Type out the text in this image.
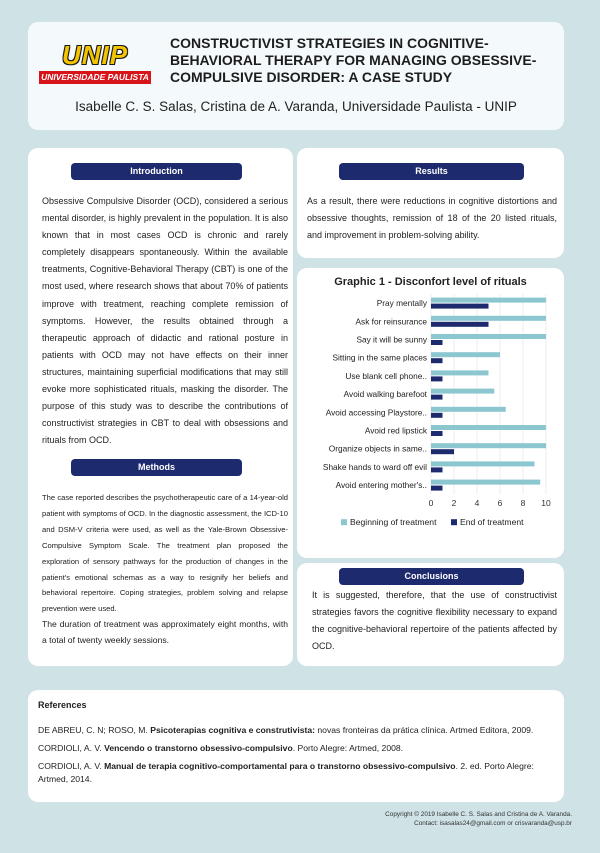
UNIP
UNIVERSIDADE PAULISTA
CONSTRUCTIVIST STRATEGIES IN COGNITIVE-BEHAVIORAL THERAPY FOR MANAGING OBSESSIVE-COMPULSIVE DISORDER: A CASE STUDY
Isabelle C. S. Salas, Cristina de A. Varanda, Universidade Paulista - UNIP
Introduction
Obsessive Compulsive Disorder (OCD), considered a serious mental disorder, is highly prevalent in the population. It is also known that in most cases OCD is chronic and rarely completely disappears spontaneously. Within the available treatments, Cognitive-Behavioral Therapy (CBT) is one of the most used, where research shows that about 70% of patients improve with treatment, reaching complete remission of symptoms. However, the results obtained through a therapeutic approach of didactic and rational posture in patients with OCD may not have effects on their inner structures, maintaining superficial modifications that may still evoke more sophisticated rituals, masking the disorder. The purpose of this study was to describe the contributions of constructivist strategies in CBT to deal with obsessions and rituals from OCD.
Methods
The case reported describes the psychotherapeutic care of a 14-year-old patient with symptoms of OCD. In the diagnostic assessment, the ICD-10 and DSM-V criteria were used, as well as the Yale-Brown Obsessive-Compulsive Symptom Scale. The treatment plan proposed the exploration of sensory pathways for the production of changes in the patient's emotional schemas as a way to resignify her beliefs and behavioral repertoire. Coping strategies, problem solving and relapse prevention were used.
The duration of treatment was approximately eight months, with a total of twenty weekly sessions.
Results
As a result, there were reductions in cognitive distortions and obsessive thoughts, remission of 18 of the 20 listed rituals, and improvement in problem-solving ability.
Graphic 1 - Disconfort level of rituals
Pray mentally
Ask for reinsurance
Say it will be sunny
Sitting in the same places
Use blank cell phone..
Avoid walking barefoot
Avoid accessing Playstore..
Avoid red lipstick
Organize objects in same..
Shake hands to ward off evil
Avoid entering mother's..
0 2 4 6 8 10
Beginning of treatment	End of treatment
Conclusions
It is suggested, therefore, that the use of constructivist strategies favors the cognitive flexibility necessary to expand the cognitive-behavioral repertoire of the patients affected by OCD.
References
DE ABREU, C. N; ROSO, M. Psicoterapias cognitiva e construtivista: novas fronteiras da prática clínica. Artmed Editora, 2009.
CORDIOLI, A. V. Vencendo o transtorno obsessivo-compulsivo. Porto Alegre: Artmed, 2008.
CORDIOLI, A. V. Manual de terapia cognitivo-comportamental para o transtorno obsessivo-compulsivo. 2. ed. Porto Alegre: Artmed, 2014.
Copyright © 2019 Isabelle C. S. Salas and Cristina de A. Varanda.
Contact: isasalas24@gmail.com or crisvaranda@usp.br
